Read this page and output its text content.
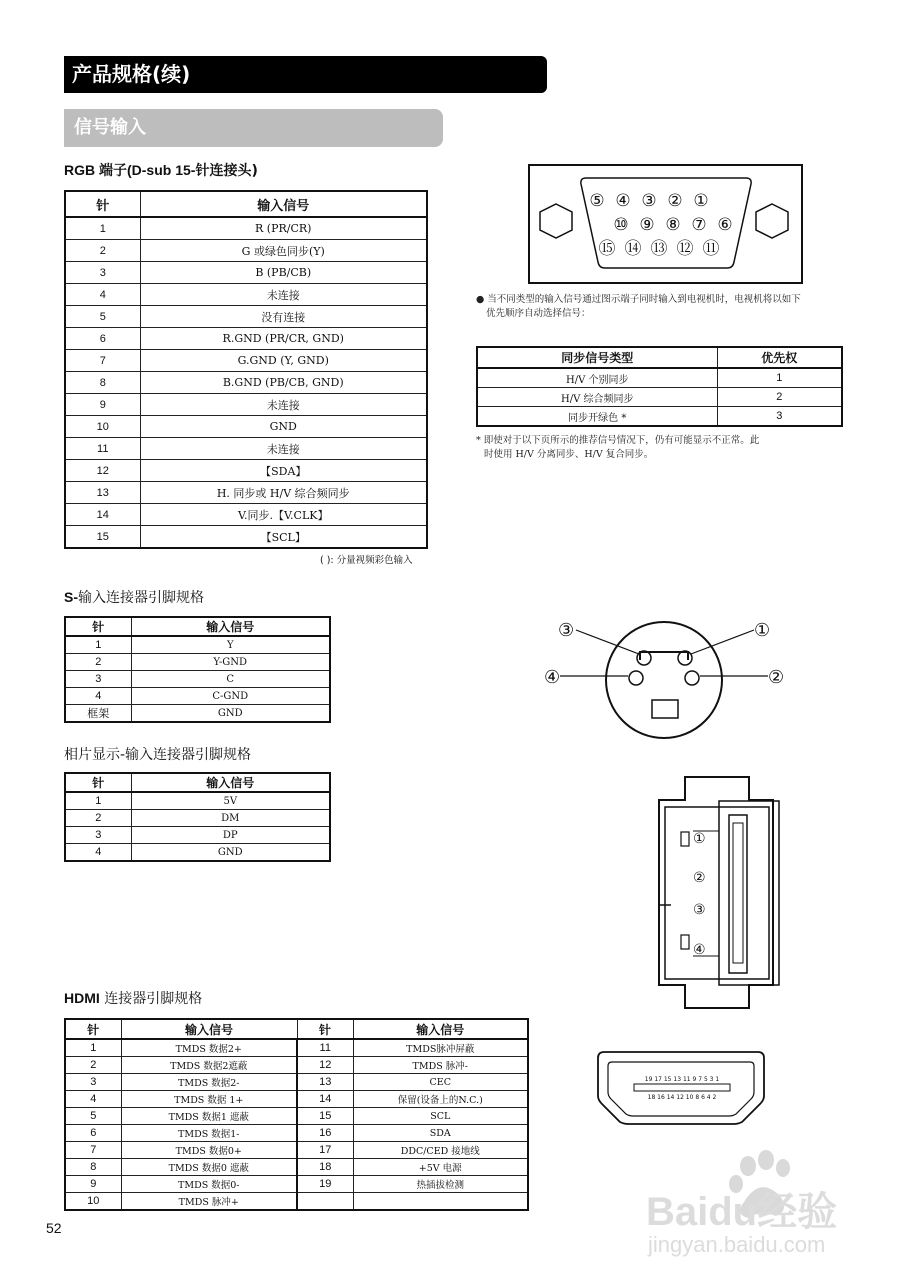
产品规格(续)
信号输入
RGB 端子(D-sub 15-针连接头)
针	输入信号
1	R (PR/CR)
2	G 或绿色同步(Y)
3	B (PB/CB)
4	未连接
5	没有连接
6	R.GND (PR/CR, GND)
7	G.GND (Y, GND)
8	B.GND (PB/CB, GND)
9	未连接
10	GND
11	未连接
12	【SDA】
13	H. 同步或 H/V 综合频同步
14	V.同步.【V.CLK】
15	【SCL】
( ): 分量视频彩色输入
⑤ ④ ③ ② ①
⑩ ⑨ ⑧ ⑦ ⑥
⑮ ⑭ ⑬ ⑫ ⑪
● 当不同类型的输入信号通过图示端子同时输入到电视机时，电视机将以如下
优先顺序自动选择信号：
同步信号类型	优先权
H/V 个别同步	1
H/V 综合频同步	2
同步开绿色 *	3
* 即使对于以下页所示的推荐信号情况下，仍有可能显示不正常。此
时使用 H/V 分离同步、H/V 复合同步。
S-输入连接器引脚规格
针	输入信号
1	Y
2	Y-GND
3	C
4	C-GND
框架	GND
③	①
④	②
相片显示-输入连接器引脚规格
针	输入信号
1	5V
2	DM
3	DP
4	GND
①
②
③
④
HDMI 连接器引脚规格
针	输入信号	针	输入信号
1	TMDS 数据2+	11	TMDS脉冲屏蔽
2	TMDS 数据2遮蔽	12	TMDS 脉冲-
3	TMDS 数据2-	13	CEC
4	TMDS 数据 1+	14	保留(设备上的N.C.)
5	TMDS 数据1 遮蔽	15	SCL
6	TMDS 数据1-	16	SDA
7	TMDS 数据0+	17	DDC/CED 接地线
8	TMDS 数据0 遮蔽	18	+5V 电源
9	TMDS 数据0-	19	热插拔检测
10	TMDS 脉冲+		
19 17 15 13 11 9 7 5 3 1
18 16 14 12 10 8 6 4 2
52	Baidu经验
jingyan.baidu.com
